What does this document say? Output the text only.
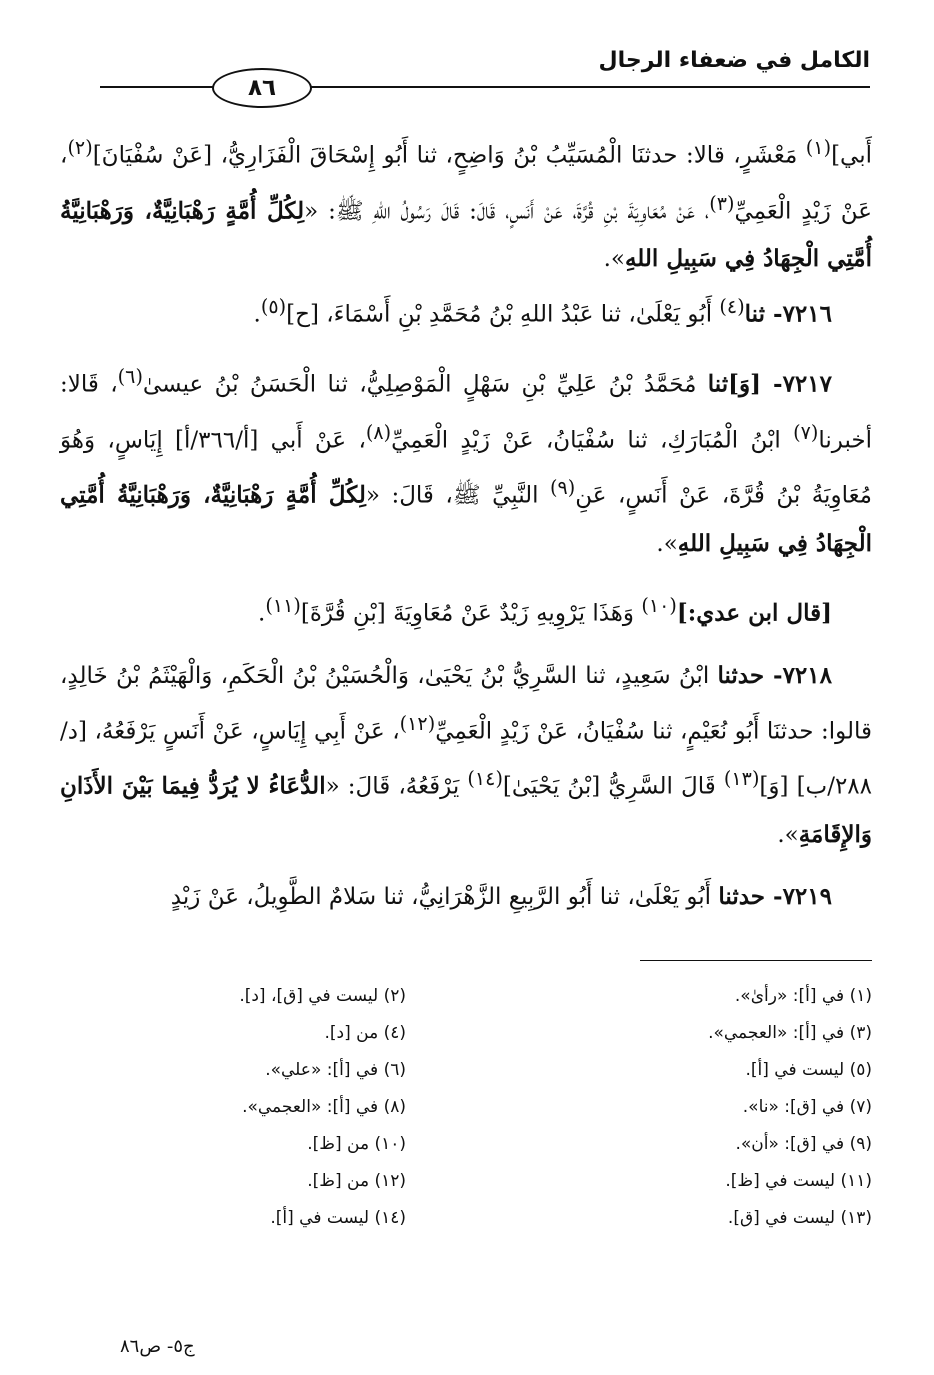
الكامل في ضعفاء الرجال
٨٦

أَبي]$^{(١)}$ مَعْشَرٍ، قالا: حدثنَا الْمُسَيِّبُ بْنُ وَاضِحٍ، ثنا أَبُو إِسْحَاقَ الْفَزَارِيُّ، [عَنْ سُفْيَانَ]$^{(٢)}$، عَنْ زَيْدٍ الْعَمِيِّ$^{(٣)}$، عَنْ مُعَاوِيَةَ بْنِ قُرَّةَ، عَنْ أَنَسٍ، قَالَ: قَالَ رَسُولُ اللهِ ﷺ: «لِكُلِّ أُمَّةٍ رَهْبَانِيَّةٌ، وَرَهْبَانِيَّةُ أُمَّتِي الْجِهَادُ فِي سَبِيلِ اللهِ».

٧٢١٦- ثنا$^{(٤)}$ أَبُو يَعْلَىٰ، ثنا عَبْدُ اللهِ بْنُ مُحَمَّدِ بْنِ أَسْمَاءَ، [ح]$^{(٥)}$.

٧٢١٧- [وَ]ثنا مُحَمَّدُ بْنُ عَلِيِّ بْنِ سَهْلٍ الْمَوْصِلِيُّ، ثنا الْحَسَنُ بْنُ عيسىٰ$^{(٦)}$، قَالا: أخبرنا$^{(٧)}$ ابْنُ الْمُبَارَكِ، ثنا سُفْيَانُ، عَنْ زَيْدٍ الْعَمِيِّ$^{(٨)}$، عَنْ أَبي [أ/٣٦٦/أ] إِيَاسٍ، وَهُوَ مُعَاوِيَةُ بْنُ قُرَّةَ، عَنْ أَنَسٍ، عَنِ$^{(٩)}$ النَّبِيِّ ﷺ، قَالَ: «لِكُلِّ أُمَّةٍ رَهْبَانِيَّةٌ، وَرَهْبَانِيَّةُ أُمَّتِي الْجِهَادُ فِي سَبِيلِ اللهِ».

[قال ابن عدي:]$^{(١٠)}$ وَهَذَا يَرْوِيهِ زَيْدٌ عَنْ مُعَاوِيَةَ [بْنِ قُرَّةَ]$^{(١١)}$.

٧٢١٨- حدثنا ابْنُ سَعِيدٍ، ثنا السَّرِيُّ بْنُ يَحْيَىٰ، وَالْحُسَيْنُ بْنُ الْحَكَمِ، وَالْهَيْثَمُ بْنُ خَالِدٍ، قالوا: حدثنَا أَبُو نُعَيْمٍ، ثنا سُفْيَانُ، عَنْ زَيْدٍ الْعَمِيِّ$^{(١٢)}$، عَنْ أَبِي إِيَاسٍ، عَنْ أَنَسٍ يَرْفَعُهُ، [د/٢٨٨/ب] [وَ]$^{(١٣)}$ قَالَ السَّرِيُّ [بْنُ يَحْيَىٰ]$^{(١٤)}$ يَرْفَعُهُ، قَالَ: «الدُّعَاءُ لا يُرَدُّ فِيمَا بَيْنَ الأَذَانِ وَالإِقَامَةِ».

٧٢١٩- حدثنا أَبُو يَعْلَىٰ، ثنا أَبُو الرَّبِيعِ الزَّهْرَانِيُّ، ثنا سَلامٌ الطَّوِيلُ، عَنْ زَيْدٍ

(١) في [أ]: «رأىٰ».
(٢) ليست في [ق]، [د].
(٣) في [أ]: «العجمي».
(٤) من [د].
(٥) ليست في [أ].
(٦) في [أ]: «علي».
(٧) في [ق]: «نا».
(٨) في [أ]: «العجمي».
(٩) في [ق]: «أن».
(١٠) من [ظ].
(١١) ليست في [ظ].
(١٢) من [ظ].
(١٣) ليست في [ق].
(١٤) ليست في [أ].
ج٥- ص٨٦
